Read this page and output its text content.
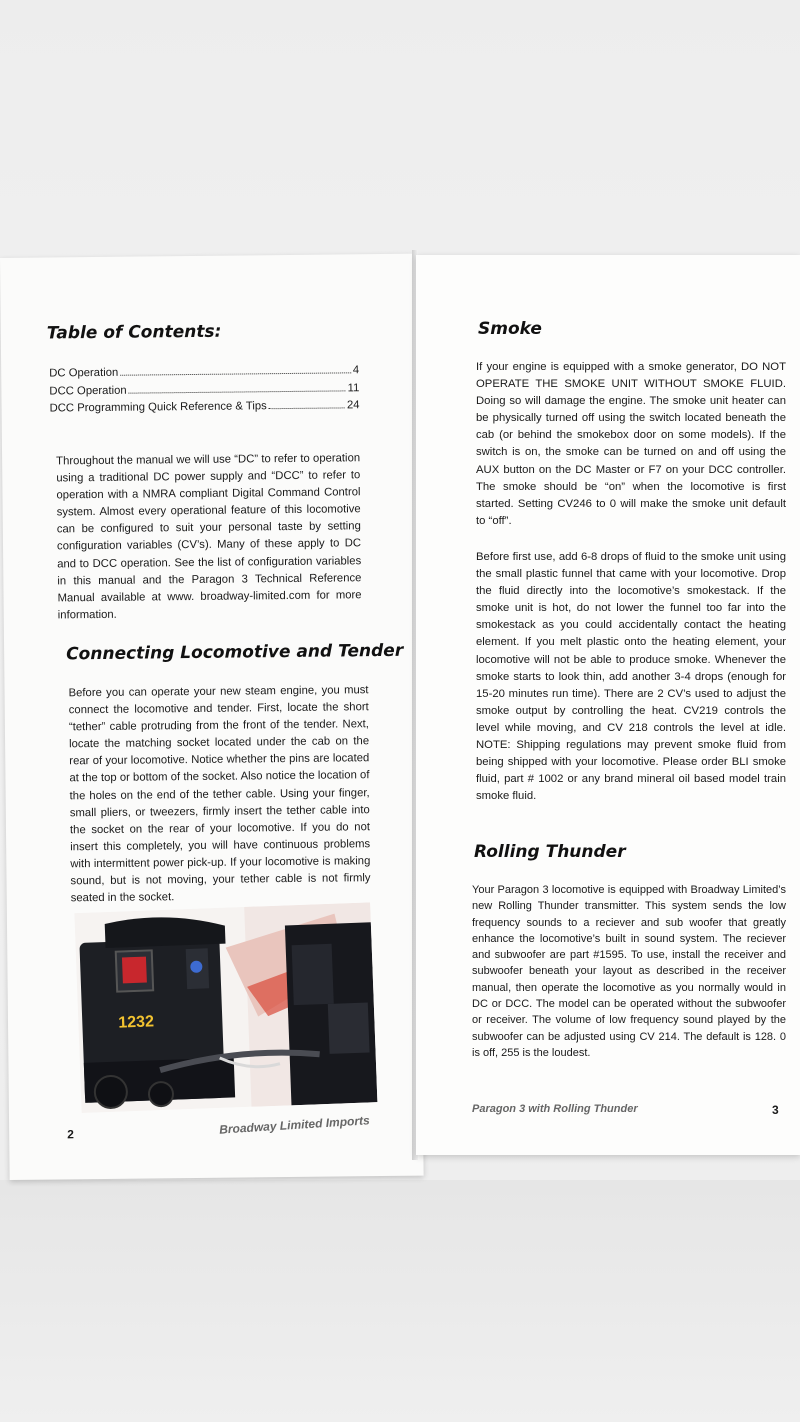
Table of Contents:
DC Operation	4
DCC Operation	11
DCC Programming Quick Reference & Tips	24

Throughout the manual we will use “DC” to refer to operation using a traditional DC power supply and “DCC” to refer to operation with a NMRA compliant Digital Command Control system. Almost every operational feature of this locomotive can be configured to suit your personal taste by setting configuration variables (CV’s). Many of these apply to DC and to DCC operation. See the list of configuration variables in this manual and the Paragon 3 Technical Reference Manual available at www. broadway-limited.com for more information.

Connecting Locomotive and Tender

Before you can operate your new steam engine, you must connect the locomotive and tender. First, locate the short “tether” cable protruding from the front of the tender. Next, locate the matching socket located under the cab on the rear of your locomotive. Notice whether the pins are located at the top or bottom of the socket. Also notice the location of the holes on the end of the tether cable. Using your finger, small pliers, or tweezers, firmly insert the tether cable into the socket on the rear of your locomotive. If you do not insert this completely, you will have continuous problems with intermittent power pick-up. If your locomotive is making sound, but is not moving, your tether cable is not firmly seated in the socket.

1232
2	Broadway Limited Imports
Smoke

If your engine is equipped with a smoke generator, DO NOT OPERATE THE SMOKE UNIT WITHOUT SMOKE FLUID. Doing so will damage the engine. The smoke unit heater can be physically turned off using the switch located beneath the cab (or behind the smokebox door on some models). If the switch is on, the smoke can be turned on and off using the AUX button on the DC Master or F7 on your DCC controller. The smoke should be “on” when the locomotive is first started. Setting CV246 to 0 will make the smoke unit default to “off”.

Before first use, add 6-8 drops of fluid to the smoke unit using the small plastic funnel that came with your locomotive. Drop the fluid directly into the locomotive’s smokestack. If the smoke unit is hot, do not lower the funnel too far into the smokestack as you could accidentally contact the heating element. If you melt plastic onto the heating element, your locomotive will not be able to produce smoke. Whenever the smoke starts to look thin, add another 3-4 drops (enough for 15-20 minutes run time). There are 2 CV’s used to adjust the smoke output by controlling the heat. CV219 controls the level while moving, and CV 218 controls the level at idle. NOTE: Shipping regulations may prevent smoke fluid from being shipped with your locomotive. Please order BLI smoke fluid, part # 1002 or any brand mineral oil based model train smoke fluid.

Rolling Thunder

Your Paragon 3 locomotive is equipped with Broadway Limited’s new Rolling Thunder transmitter. This system sends the low frequency sounds to a reciever and sub woofer that greatly enhance the locomotive’s built in sound system. The reciever and subwoofer are part #1595. To use, install the receiver and subwoofer beneath your layout as described in the receiver manual, then operate the locomotive as you normally would in DC or DCC. The model can be operated without the subwoofer or receiver. The volume of low frequency sound played by the subwoofer can be adjusted using CV 214. The default is 128. 0 is off, 255 is the loudest.

Paragon 3 with Rolling Thunder	3
